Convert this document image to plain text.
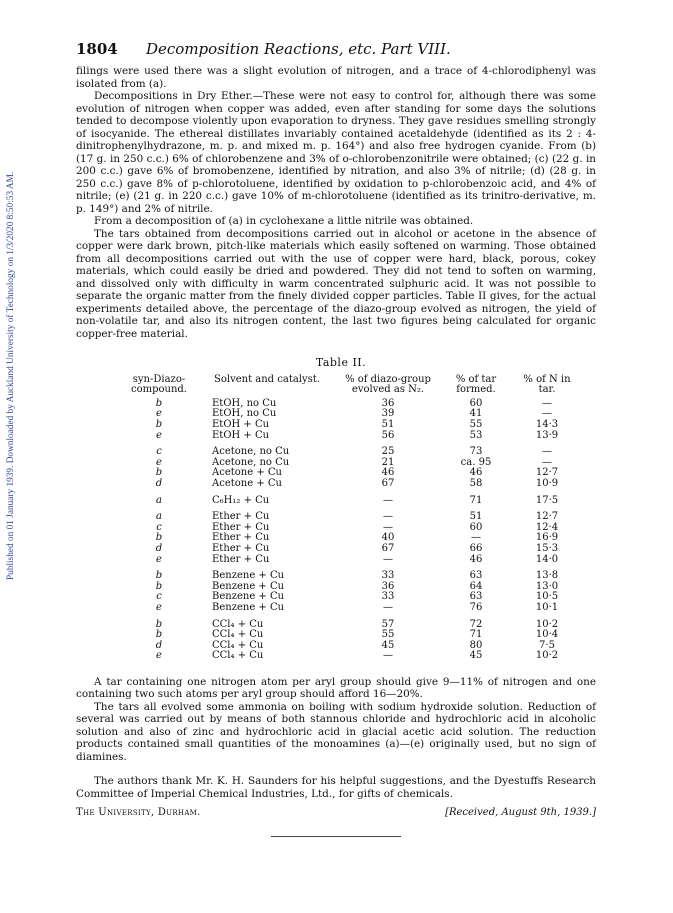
Published on 01 January 1939. Downloaded by Auckland University of Technology on 1/3/2020 8:50:53 AM.
1804	Decomposition Reactions, etc. Part VIII.

filings were used there was a slight evolution of nitrogen, and a trace of 4-chlorodiphenyl was isolated from (a).

Decompositions in Dry Ether.—These were not easy to control for, although there was some evolution of nitrogen when copper was added, even after standing for some days the solutions tended to decompose violently upon evaporation to dryness. They gave residues smelling strongly of isocyanide. The ethereal distillates invariably contained acetaldehyde (identified as its 2 : 4-dinitrophenylhydrazone, m. p. and mixed m. p. 164°) and also free hydrogen cyanide. From (b) (17 g. in 250 c.c.) 6% of chlorobenzene and 3% of o-chlorobenzonitrile were obtained; (c) (22 g. in 200 c.c.) gave 6% of bromobenzene, identified by nitration, and also 3% of nitrile; (d) (28 g. in 250 c.c.) gave 8% of p-chlorotoluene, identified by oxidation to p-chlorobenzoic acid, and 4% of nitrile; (e) (21 g. in 220 c.c.) gave 10% of m-chlorotoluene (identified as its trinitro-derivative, m. p. 149°) and 2% of nitrile.

From a decomposition of (a) in cyclohexane a little nitrile was obtained.

The tars obtained from decompositions carried out in alcohol or acetone in the absence of copper were dark brown, pitch-like materials which easily softened on warming. Those obtained from all decompositions carried out with the use of copper were hard, black, porous, cokey materials, which could easily be dried and powdered. They did not tend to soften on warming, and dissolved only with difficulty in warm concentrated sulphuric acid. It was not possible to separate the organic matter from the finely divided copper particles. Table II gives, for the actual experiments detailed above, the percentage of the diazo-group evolved as nitrogen, the yield of non-volatile tar, and also its nitrogen content, the last two figures being calculated for organic copper-free material.

Table II.
syn-Diazo-compound.	Solvent and catalyst.	% of diazo-group evolved as N₂.	% of tar formed.	% of N in tar.
b	EtOH, no Cu	36	60	—
e	EtOH, no Cu	39	41	—
b	EtOH + Cu	51	55	14·3
e	EtOH + Cu	56	53	13·9
c	Acetone, no Cu	25	73	—
e	Acetone, no Cu	21	ca. 95	—
b	Acetone + Cu	46	46	12·7
d	Acetone + Cu	67	58	10·9
a	C₆H₁₂ + Cu	—	71	17·5
a	Ether + Cu	—	51	12·7
c	Ether + Cu	—	60	12·4
b	Ether + Cu	40	—	16·9
d	Ether + Cu	67	66	15·3
e	Ether + Cu	—	46	14·0
b	Benzene + Cu	33	63	13·8
b	Benzene + Cu	36	64	13·0
c	Benzene + Cu	33	63	10·5
e	Benzene + Cu	—	76	10·1
b	CCl₄ + Cu	57	72	10·2
b	CCl₄ + Cu	55	71	10·4
d	CCl₄ + Cu	45	80	7·5
e	CCl₄ + Cu	—	45	10·2

A tar containing one nitrogen atom per aryl group should give 9—11% of nitrogen and one containing two such atoms per aryl group should afford 16—20%.

The tars all evolved some ammonia on boiling with sodium hydroxide solution. Reduction of several was carried out by means of both stannous chloride and hydrochloric acid in alcoholic solution and also of zinc and hydrochloric acid in glacial acetic acid solution. The reduction products contained small quantities of the monoamines (a)—(e) originally used, but no sign of diamines.

The authors thank Mr. K. H. Saunders for his helpful suggestions, and the Dyestuffs Research Committee of Imperial Chemical Industries, Ltd., for gifts of chemicals.

The University, Durham.	[Received, August 9th, 1939.]
